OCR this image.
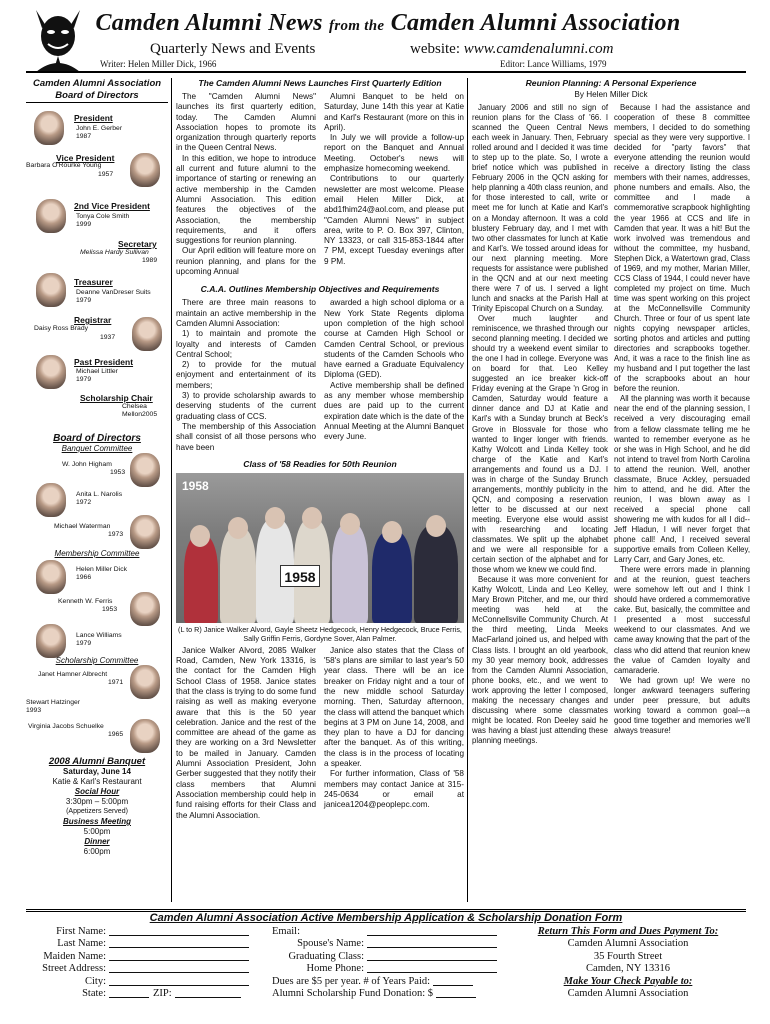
Camden Alumni News from the Camden Alumni Association
Quarterly News and Events	website: www.camdenalumni.com
Writer: Helen Miller Dick, 1966	Editor: Lance Williams, 1979
Camden Alumni Association
Board of Directors
President
John E. Gerber
1987
Vice President
Barbara O'Rourke Young
1957
2nd Vice President
Tonya Cole Smith
1999
Secretary
Melissa Hardy Sullivan
1989
Treasurer
Deanne VanDreser Suits
1979
Registrar
Daisy Ross Brady
1937
Past President
Michael Littler
1979
Scholarship Chair
Chelsea Mellon 2005
Board of Directors
Banquet Committee
W. John Higham
1953
Anita L. Narolis
1972
Michael Waterman
1973
Membership Committee
Helen Miller Dick
1966
Kenneth W. Ferris
1953
Lance Williams
1979
Scholarship Committee
Janet Hamner Albrecht
1971
Stewart Hatzinger
1993
Virginia Jacobs Schuelke
1965
2008 Alumni Banquet
Saturday, June 14
Katie & Karl's Restaurant
Social Hour
3:30pm – 5:00pm
(Appetizers Served)
Business Meeting
5:00pm
Dinner
6:00pm
The Camden Alumni News Launches First Quarterly Edition

The "Camden Alumni News" launches its first quarterly edition, today. The Camden Alumni Association hopes to promote its organization through quarterly reports in the Queen Central News.

In this edition, we hope to introduce all current and future alumni to the importance of starting or renewing an active membership in the Camden Alumni Association. This edition features the objectives of the Association, the membership requirements, and it offers suggestions for reunion planning.

Our April edition will feature more on reunion planning, and plans for the upcoming Annual

Alumni Banquet to be held on Saturday, June 14th this year at Katie and Karl's Restaurant (more on this in April).

In July we will provide a follow-up report on the Banquet and Annual Meeting. October's news will emphasize homecoming weekend.

Contributions to our quarterly newsletter are most welcome. Please email Helen Miller Dick, at abd1fhim24@aol.com, and please put "Camden Alumni News" in subject area, write to P. O. Box 397, Clinton, NY 13323, or call 315-853-1844 after 7 PM, except Tuesday evenings after 9 PM.

C.A.A. Outlines Membership Objectives and Requirements

There are three main reasons to maintain an active membership in the Camden Alumni Association:

1) to maintain and promote the loyalty and interests of Camden Central School;

2) to provide for the mutual enjoyment and entertainment of its members;

3) to provide scholarship awards to deserving students of the current graduating class of CCS.

The membership of this Association shall consist of all those persons who have been

awarded a high school diploma or a New York State Regents diploma upon completion of the high school course at Camden High School or Camden Central School, or previous students of the Camden Schools who have earned a Graduate Equivalency Diploma (GED).

Active membership shall be defined as any member whose membership dues are paid up to the current expiration date which is the date of the Annual Meeting at the Alumni Banquet every June.

Class of '58 Readies for 50th Reunion
1958
1958
(L to R) Janice Walker Alvord, Gayle Sheetz Hedgecock, Henry Hedgecock, Bruce Ferris, Sally Griffin Ferris, Gordyne Sover, Alan Palmer.

Janice Walker Alvord, 2085 Walker Road, Camden, New York 13316, is the contact for the Camden High School Class of 1958. Janice states that the class is trying to do some fund raising as well as making everyone aware that this is the 50 year celebration. Janice and the rest of the committee are ahead of the game as they are working on a 3rd Newsletter to be mailed in January. Camden Alumni Association President, John Gerber suggested that they notify their class members that Alumni Association membership could help in fund raising efforts for their Class and the Alumni Association.

Janice also states that the Class of '58's plans are similar to last year's 50 year class. There will be an ice breaker on Friday night and a tour of the new middle school Saturday morning. Then, Saturday afternoon, the class will attend the banquet which begins at 3 PM on June 14, 2008, and they plan to have a DJ for dancing after the banquet. As of this writing, the class is in the process of locating a speaker.

For further information, Class of '58 members may contact Janice at 315-245-0634 or email at janicea1204@peoplepc.com.

Reunion Planning: A Personal Experience
By Helen Miller Dick

January 2006 and still no sign of reunion plans for the Class of '66. I scanned the Queen Central News each week in January. Then, February rolled around and I decided it was time to step up to the plate. So, I wrote a brief notice which was published in February 2006 in the QCN asking for help planning a 40th class reunion, and for those interested to call, write or meet me for lunch at Katie and Karl's on a Monday afternoon. It was a cold blustery February day, and I met with two other classmates for lunch at Katie and Karl's. We tossed around ideas for our next planning meeting. More requests for assistance were published in the QCN and at our next meeting there were 7 of us. I served a light lunch and snacks at the Parish Hall at Trinity Episcopal Church on a Sunday.

Over much laughter and reminiscence, we thrashed through our second planning meeting. I decided we should try a weekend event similar to the one I had in college. Everyone was on board for that. Leo Kelley suggested an ice breaker kick-off Friday evening at the Grape 'n Grog in Camden, Saturday would feature a dinner dance and DJ at Katie and Karl's with a Sunday brunch at Beck's Grove in Blossvale for those who wanted to linger longer with friends. Kathy Wolcott and Linda Kelley took charge of the Katie and Karl's arrangements and found us a DJ. I was in charge of the Sunday Brunch arrangements, monthly publicity in the QCN, and composing a reservation letter to be discussed at our next meeting. Everyone else would assist with researching and locating classmates. We split up the alphabet and we were all responsible for a certain section of the alphabet and for those whom we knew we could find.

Because it was more convenient for Kathy Wolcott, Linda and Leo Kelley, Mary Brown Pitcher, and me, our third meeting was held at the McConnellsville Community Church. At the third meeting, Linda Meeks MacFarland joined us, and helped with Class lists. I brought an old yearbook, my 30 year memory book, addresses from the Camden Alumni Association, phone books, etc., and we went to work approving the letter I composed, making the necessary changes and discussing where some classmates might be located. Ron Deeley said he was having a blast just attending these planning meetings.

Because I had the assistance and cooperation of these 8 committee members, I decided to do something special as they were very supportive. I decided for "party favors" that everyone attending the reunion would receive a directory listing the class members with their names, addresses, phone numbers and emails. Also, the committee and I made a commemorative scrapbook highlighting the year 1966 at CCS and life in Camden that year. It was a hit! But the work involved was tremendous and without the committee, my husband, Stephen Dick, a Watertown grad, Class of 1969, and my mother, Marian Miller, CCS Class of 1944, I could never have completed my project on time. Much time was spent working on this project at the McConnellsville Community Church. Three or four of us spent late nights copying newspaper articles, sorting photos and articles and putting directories and scrapbooks together. And, it was a race to the finish line as my husband and I put together the last of the scrapbooks about an hour before the reunion.

All the planning was worth it because near the end of the planning session, I received a very discouraging email from a fellow classmate telling me he wanted to remember everyone as he or she was in High School, and he did not intend to travel from North Carolina to attend the reunion. Well, another classmate, Bruce Ackley, persuaded him to attend, and he did. After the reunion, I was blown away as I received a special phone call showering me with kudos for all I did--Jeff Hladun, I will never forget that phone call! And, I received several supportive emails from Colleen Kelley, Larry Carr, and Gary Jones, etc.

There were errors made in planning and at the reunion, guest teachers were somehow left out and I think I should have ordered a commemorative cake. But, basically, the committee and I presented a most successful weekend to our classmates. And we came away knowing that the part of the class who did attend that reunion knew the value of Camden loyalty and camaraderie.

We had grown up! We were no longer awkward teenagers suffering under peer pressure, but adults working toward a common goal---a good time together and memories we'll always treasure!

Camden Alumni Association Active Membership Application & Scholarship Donation Form
First Name:
Last Name:
Maiden Name:
Street Address:
City:
State:	ZIP:
Email:
Spouse's Name:
Graduating Class:
Home Phone:
Dues are $5 per year. # of Years Paid:
Alumni Scholarship Fund Donation: $
Return This Form and Dues Payment To:
Camden Alumni Association
35 Fourth Street
Camden, NY 13316
Make Your Check Payable to:
Camden Alumni Association
